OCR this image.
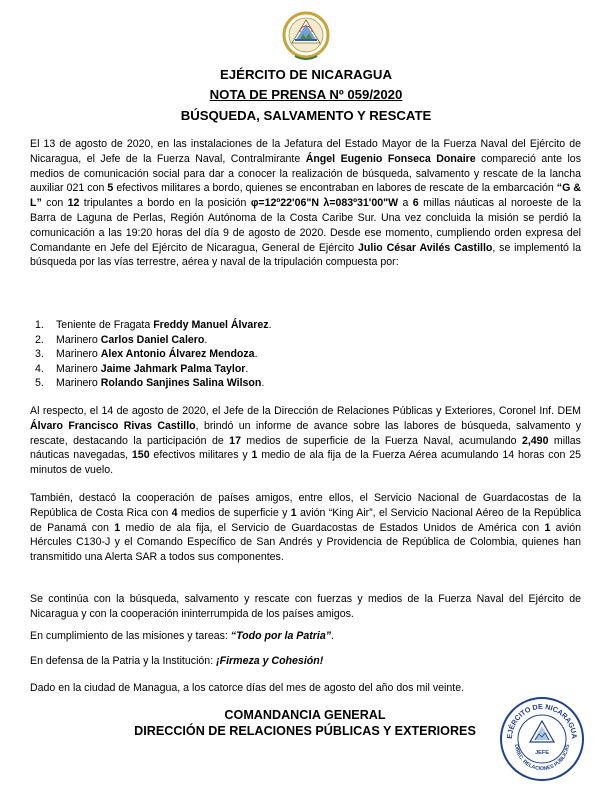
EJÉRCITO DE NICARAGUA
NOTA DE PRENSA Nº 059/2020
BÚSQUEDA, SALVAMENTO Y RESCATE

El 13 de agosto de 2020, en las instalaciones de la Jefatura del Estado Mayor de la Fuerza Naval del Ejército de Nicaragua, el Jefe de la Fuerza Naval, Contralmirante Ángel Eugenio Fonseca Donaire compareció ante los medios de comunicación social para dar a conocer la realización de búsqueda, salvamento y rescate de la lancha auxiliar 021 con 5 efectivos militares a bordo, quienes se encontraban en labores de rescate de la embarcación “G & L” con 12 tripulantes a bordo en la posición φ=12º22'06"N λ=083º31'00"W a 6 millas náuticas al noroeste de la Barra de Laguna de Perlas, Región Autónoma de la Costa Caribe Sur. Una vez concluida la misión se perdió la comunicación a las 19:20 horas del día 9 de agosto de 2020. Desde ese momento, cumpliendo orden expresa del Comandante en Jefe del Ejército de Nicaragua, General de Ejército Julio César Avilés Castillo, se implementó la búsqueda por las vías terrestre, aérea y naval de la tripulación compuesta por:

1. Teniente de Fragata Freddy Manuel Álvarez.
2. Marinero Carlos Daniel Calero.
3. Marinero Alex Antonio Álvarez Mendoza.
4. Marinero Jaime Jahmark Palma Taylor.
5. Marinero Rolando Sanjines Salina Wilson.

Al respecto, el 14 de agosto de 2020, el Jefe de la Dirección de Relaciones Públicas y Exteriores, Coronel Inf. DEM Álvaro Francisco Rivas Castillo, brindó un informe de avance sobre las labores de búsqueda, salvamento y rescate, destacando la participación de 17 medios de superficie de la Fuerza Naval, acumulando 2,490 millas náuticas navegadas, 150 efectivos militares y 1 medio de ala fija de la Fuerza Aérea acumulando 14 horas con 25 minutos de vuelo.

También, destacó la cooperación de países amigos, entre ellos, el Servicio Nacional de Guardacostas de la República de Costa Rica con 4 medios de superficie y 1 avión “King Air”, el Servicio Nacional Aéreo de la República de Panamá con 1 medio de ala fija, el Servicio de Guardacostas de Estados Unidos de América con 1 avión Hércules C130-J y el Comando Específico de San Andrés y Providencia de República de Colombia, quienes han transmitido una Alerta SAR a todos sus componentes.

Se continúa con la búsqueda, salvamento y rescate con fuerzas y medios de la Fuerza Naval del Ejército de Nicaragua y con la cooperación ininterrumpida de los países amigos.

En cumplimiento de las misiones y tareas: “Todo por la Patria”.

En defensa de la Patria y la Institución: ¡Firmeza y Cohesión!

Dado en la ciudad de Managua, a los catorce días del mes de agosto del año dos mil veinte.

COMANDANCIA GENERAL
DIRECCIÓN DE RELACIONES PÚBLICAS Y EXTERIORES	EJÉRCITO DE NICARAGUA
DIREC. RELACIONES PÚBLICAS
JEFE
